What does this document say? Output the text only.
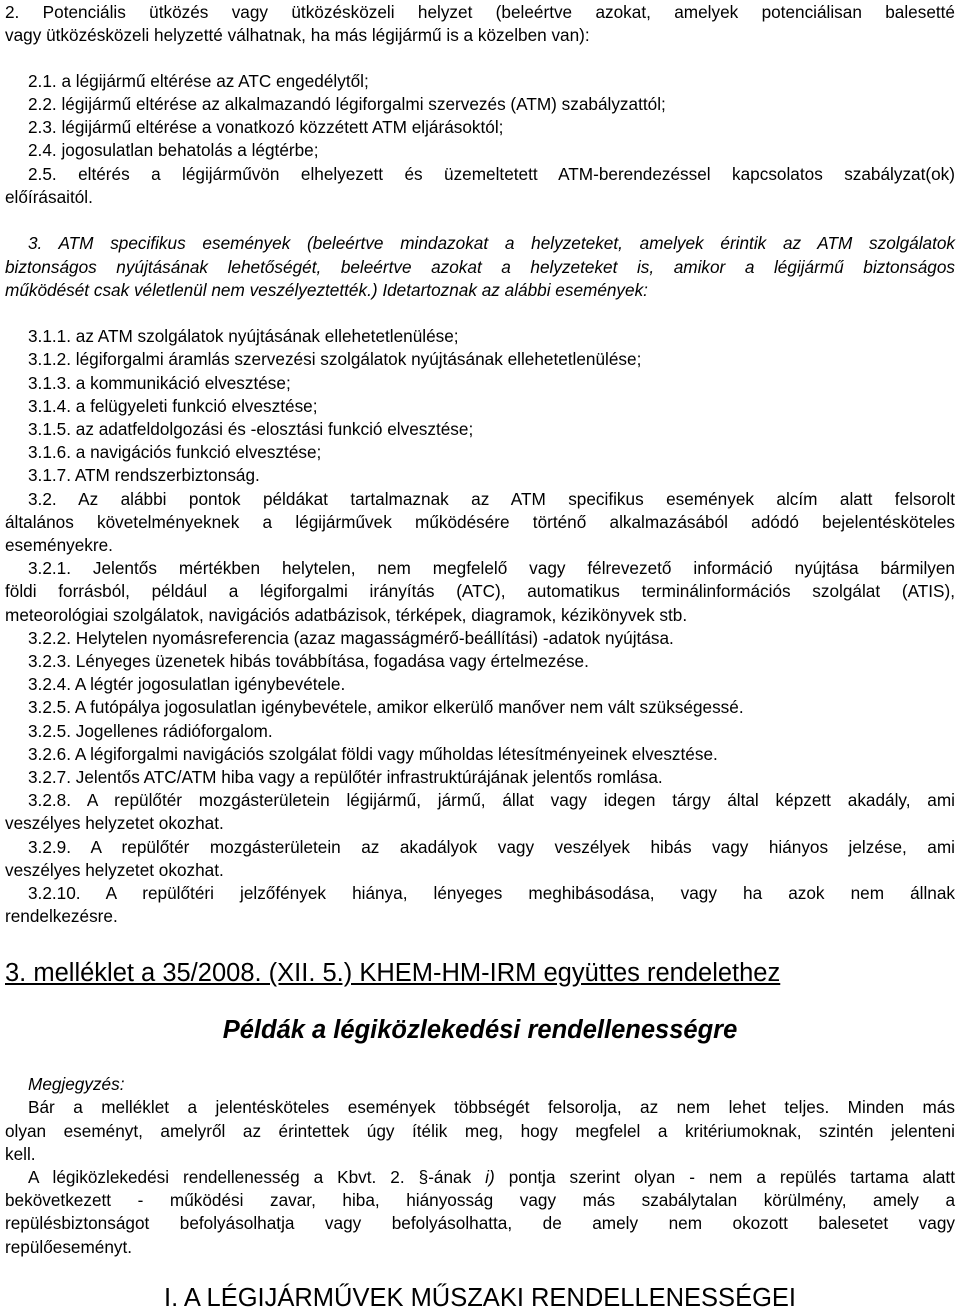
2. Potenciális ütközés vagy ütközésközeli helyzet (beleértve azokat, amelyek potenciálisan balesetté
vagy ütközésközeli helyzetté válhatnak, ha más légijármű is a közelben van):
2.1. a légijármű eltérése az ATC engedélytől;
2.2. légijármű eltérése az alkalmazandó légiforgalmi szervezés (ATM) szabályzattól;
2.3. légijármű eltérése a vonatkozó közzétett ATM eljárásoktól;
2.4. jogosulatlan behatolás a légtérbe;
2.5. eltérés a légijárművön elhelyezett és üzemeltetett ATM-berendezéssel kapcsolatos szabályzat(ok)
előírásaitól.
3. ATM specifikus események (beleértve mindazokat a helyzeteket, amelyek érintik az ATM szolgálatok
biztonságos nyújtásának lehetőségét, beleértve azokat a helyzeteket is, amikor a légijármű biztonságos
működését csak véletlenül nem veszélyeztették.) Idetartoznak az alábbi események:
3.1.1. az ATM szolgálatok nyújtásának ellehetetlenülése;
3.1.2. légiforgalmi áramlás szervezési szolgálatok nyújtásának ellehetetlenülése;
3.1.3. a kommunikáció elvesztése;
3.1.4. a felügyeleti funkció elvesztése;
3.1.5. az adatfeldolgozási és -elosztási funkció elvesztése;
3.1.6. a navigációs funkció elvesztése;
3.1.7. ATM rendszerbiztonság.
3.2. Az alábbi pontok példákat tartalmaznak az ATM specifikus események alcím alatt felsorolt
általános követelményeknek a légijárművek működésére történő alkalmazásából adódó bejelentésköteles
eseményekre.
3.2.1. Jelentős mértékben helytelen, nem megfelelő vagy félrevezető információ nyújtása bármilyen
földi forrásból, például a légiforgalmi irányítás (ATC), automatikus terminálinformációs szolgálat (ATIS),
meteorológiai szolgálatok, navigációs adatbázisok, térképek, diagramok, kézikönyvek stb.
3.2.2. Helytelen nyomásreferencia (azaz magasságmérő-beállítási) -adatok nyújtása.
3.2.3. Lényeges üzenetek hibás továbbítása, fogadása vagy értelmezése.
3.2.4. A légtér jogosulatlan igénybevétele.
3.2.5. A futópálya jogosulatlan igénybevétele, amikor elkerülő manőver nem vált szükségessé.
3.2.5. Jogellenes rádióforgalom.
3.2.6. A légiforgalmi navigációs szolgálat földi vagy műholdas létesítményeinek elvesztése.
3.2.7. Jelentős ATC/ATM hiba vagy a repülőtér infrastruktúrájának jelentős romlása.
3.2.8. A repülőtér mozgásterületein légijármű, jármű, állat vagy idegen tárgy által képzett akadály, ami
veszélyes helyzetet okozhat.
3.2.9. A repülőtér mozgásterületein az akadályok vagy veszélyek hibás vagy hiányos jelzése, ami
veszélyes helyzetet okozhat.
3.2.10. A repülőtéri jelzőfények hiánya, lényeges meghibásodása, vagy ha azok nem állnak
rendelkezésre.
3. melléklet a 35/2008. (XII. 5.) KHEM-HM-IRM együttes rendelethez
Példák a légiközlekedési rendellenességre
Megjegyzés:
Bár a melléklet a jelentésköteles események többségét felsorolja, az nem lehet teljes. Minden más
olyan eseményt, amelyről az érintettek úgy ítélik meg, hogy megfelel a kritériumoknak, szintén jelenteni
kell.
A légiközlekedési rendellenesség a Kbvt. 2. §-ának i) pontja szerint olyan - nem a repülés tartama alatt
bekövetkezett - működési zavar, hiba, hiányosság vagy más szabálytalan körülmény, amely a
repülésbiztonságot befolyásolhatja vagy befolyásolhatta, de amely nem okozott balesetet vagy
repülőeseményt.
I. A LÉGIJÁRMŰVEK MŰSZAKI RENDELLENESSÉGEI
